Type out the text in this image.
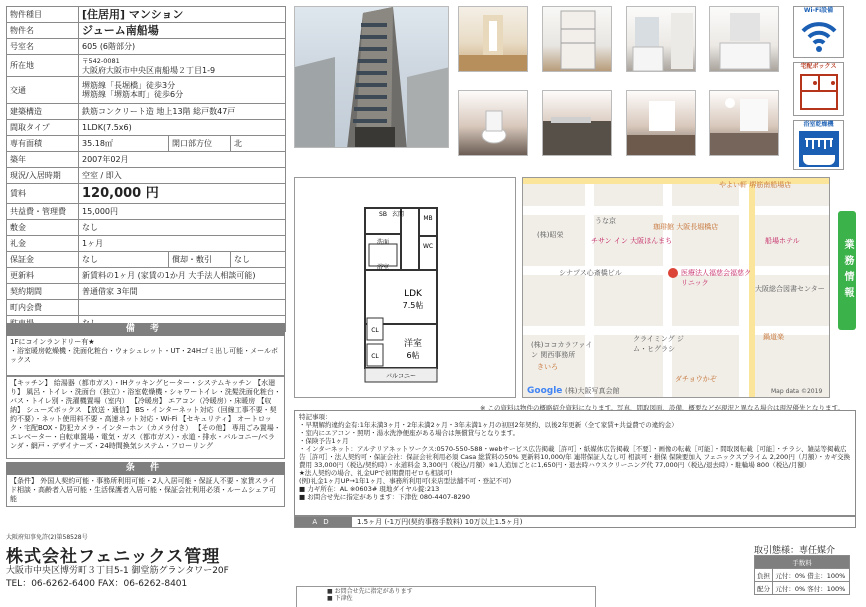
物件種目	[住居用] マンション		
物件名	ジューム南船場		
号室名	605 (6階部分)		
所在地	〒542-0081
大阪府大阪市中央区南船場２丁目1-9		

交通	堺筋線「長堀橋」徒歩3分
堺筋線「堺筋本町」徒歩6分		

建築構造	鉄筋コンクリート造 地上13階 総戸数47戸		
間取タイプ	1LDK(7.5x6)		
専有面積	35.18㎡	開口部方位	北
築年	2007年02月		
現況/入居時期	空室 / 即入		
賃料	120,000 円		
共益費・管理費	15,000円		
敷金	なし		
礼金	1ヶ月		
保証金	なし	償却・敷引	なし
更新料	新賃料の1ヶ月 (家賃の1か月 大手法人相談可能)		
契約期間	普通借家 3年間		
町内会費			

備 考
1Fにコインランドリー有★
・浴室暖房乾燥機・洗面化粧台・ウォシュレット・UT・24Hゴミ出し可能・メールボックス
【キッチン】 給湯器（都市ガス）・IHクッキングヒーター・システムキッチン 【水廻り】 風呂・トイレ・洗面台（独立）・浴室乾燥機・シャワートイレ・洗髪洗面化粧台・バス・トイレ別・洗濯機置場（室内） 【冷暖房】 エアコン（冷暖房）・床暖房 【収納】 シューズボックス 【放送・通信】 BS・インターネット対応（回線工事不要・契約不要）・ネット使用料不要・高速ネット対応・Wi-Fi 【セキュリティ】 オートロック・宅配BOX・防犯カメラ・インターホン（カメラ付き） 【その他】 専用ごみ置場・エレベーター・自転車置場・電気・ガス（都市ガス）・水道・排水・バルコニー/ベランダ・網戸・デザイナーズ・24時間換気システム・フローリング
条 件
【条件】 外国人契約可能・事務所利用可能・2人入居可能・保証人不要・家賃スライド相談・高齢者入居可能・生活保護者入居可能・保証会社利用必須・ルームシェア可能
Wi-Fi設備
宅配ボックス
浴室乾燥機
SB 玄関
MB
洗面
WC
浴室
LDK
7.5帖
洋室
6帖
CL
CL
バルコニー
やよい軒 堺筋南船場店
うな京
珈琲館 大阪長堀橋店
(株)昭栄
チサン イン 大阪ほんまち	船場ホテル
シナプス心斎橋ビル	医療法人福慈会福慈クリニック
大阪総合図書センター
(株)ココカラファイン 関西事務所
クライミング ジム・ヒグラシ
鍋道楽
きいろ
(株)大阪写真会館
ダチョウかぞ
Google	Map data ©2019
業務情報
※ この資料は物件の概略紹介資料になります。写真、間取図面、設備、概要などが現況と異なる場合は現況優先となります。

特記事項：

・早期解約違約金有:1年未満3ヶ月・2年未満2ヶ月・3年未満1ヶ月の初回2年契約、以後2年更新（全て家賃+共益費での違約金）

・室内にエアコン・照明・湯水洗浄便座がある場合は無償貸与となります。

・保険予告1ヶ月

・インターネット：アルテリアネットワークス:0570-550-588・webサービス広告掲載［許可］・紙媒体広告掲載［不要］・画像の転載［可能］・間取図転載［可能］・チラシ、雑誌等掲載広告［許可］・法人契約可・保証会社：保証会社利用必須 Casa 総賃料の50% 更新料10,000/年 連帯保証人なし可 相談可・損保 保険要加入 フェニックスプライム 2,200円（月額）・カギ交換費用 33,000円（税込/契約時）・水道料金 3,300円（税込/月額）※1人追加ごとに1,650円・退去時ハウスクリーニング代 77,000円（税込/退去時）・駐輪場 800（税込/月額）

★法人契約の場合、礼金UPで初期費用ゼロも相談可!

(例)礼金1ヶ月UP→1年1ヶ月、事務所利用可(来店型法舗不可・登記不可)

■ 力ギ所在：AL ※0603# 現地ダイヤル錠:213

■ お問合せ先に指定があります：下津佐 080-4407-8290

AD	1.5ヶ月 (-1万円(契約事務手数料) 10万以上1.5ヶ月)
大阪府知事免許(2)第58528号
株式会社フェニックス管理
大阪市中央区博労町３丁目5-1 御堂筋グランタワー20F
TEL：06-6262-6400 FAX：06-6262-8401
■ お問合せ先に指定があります
■ 下津佐
取引態様：専任媒介
手数料	
負担	元付：0% 借主：100%
配分	元付：0% 客付：100%
